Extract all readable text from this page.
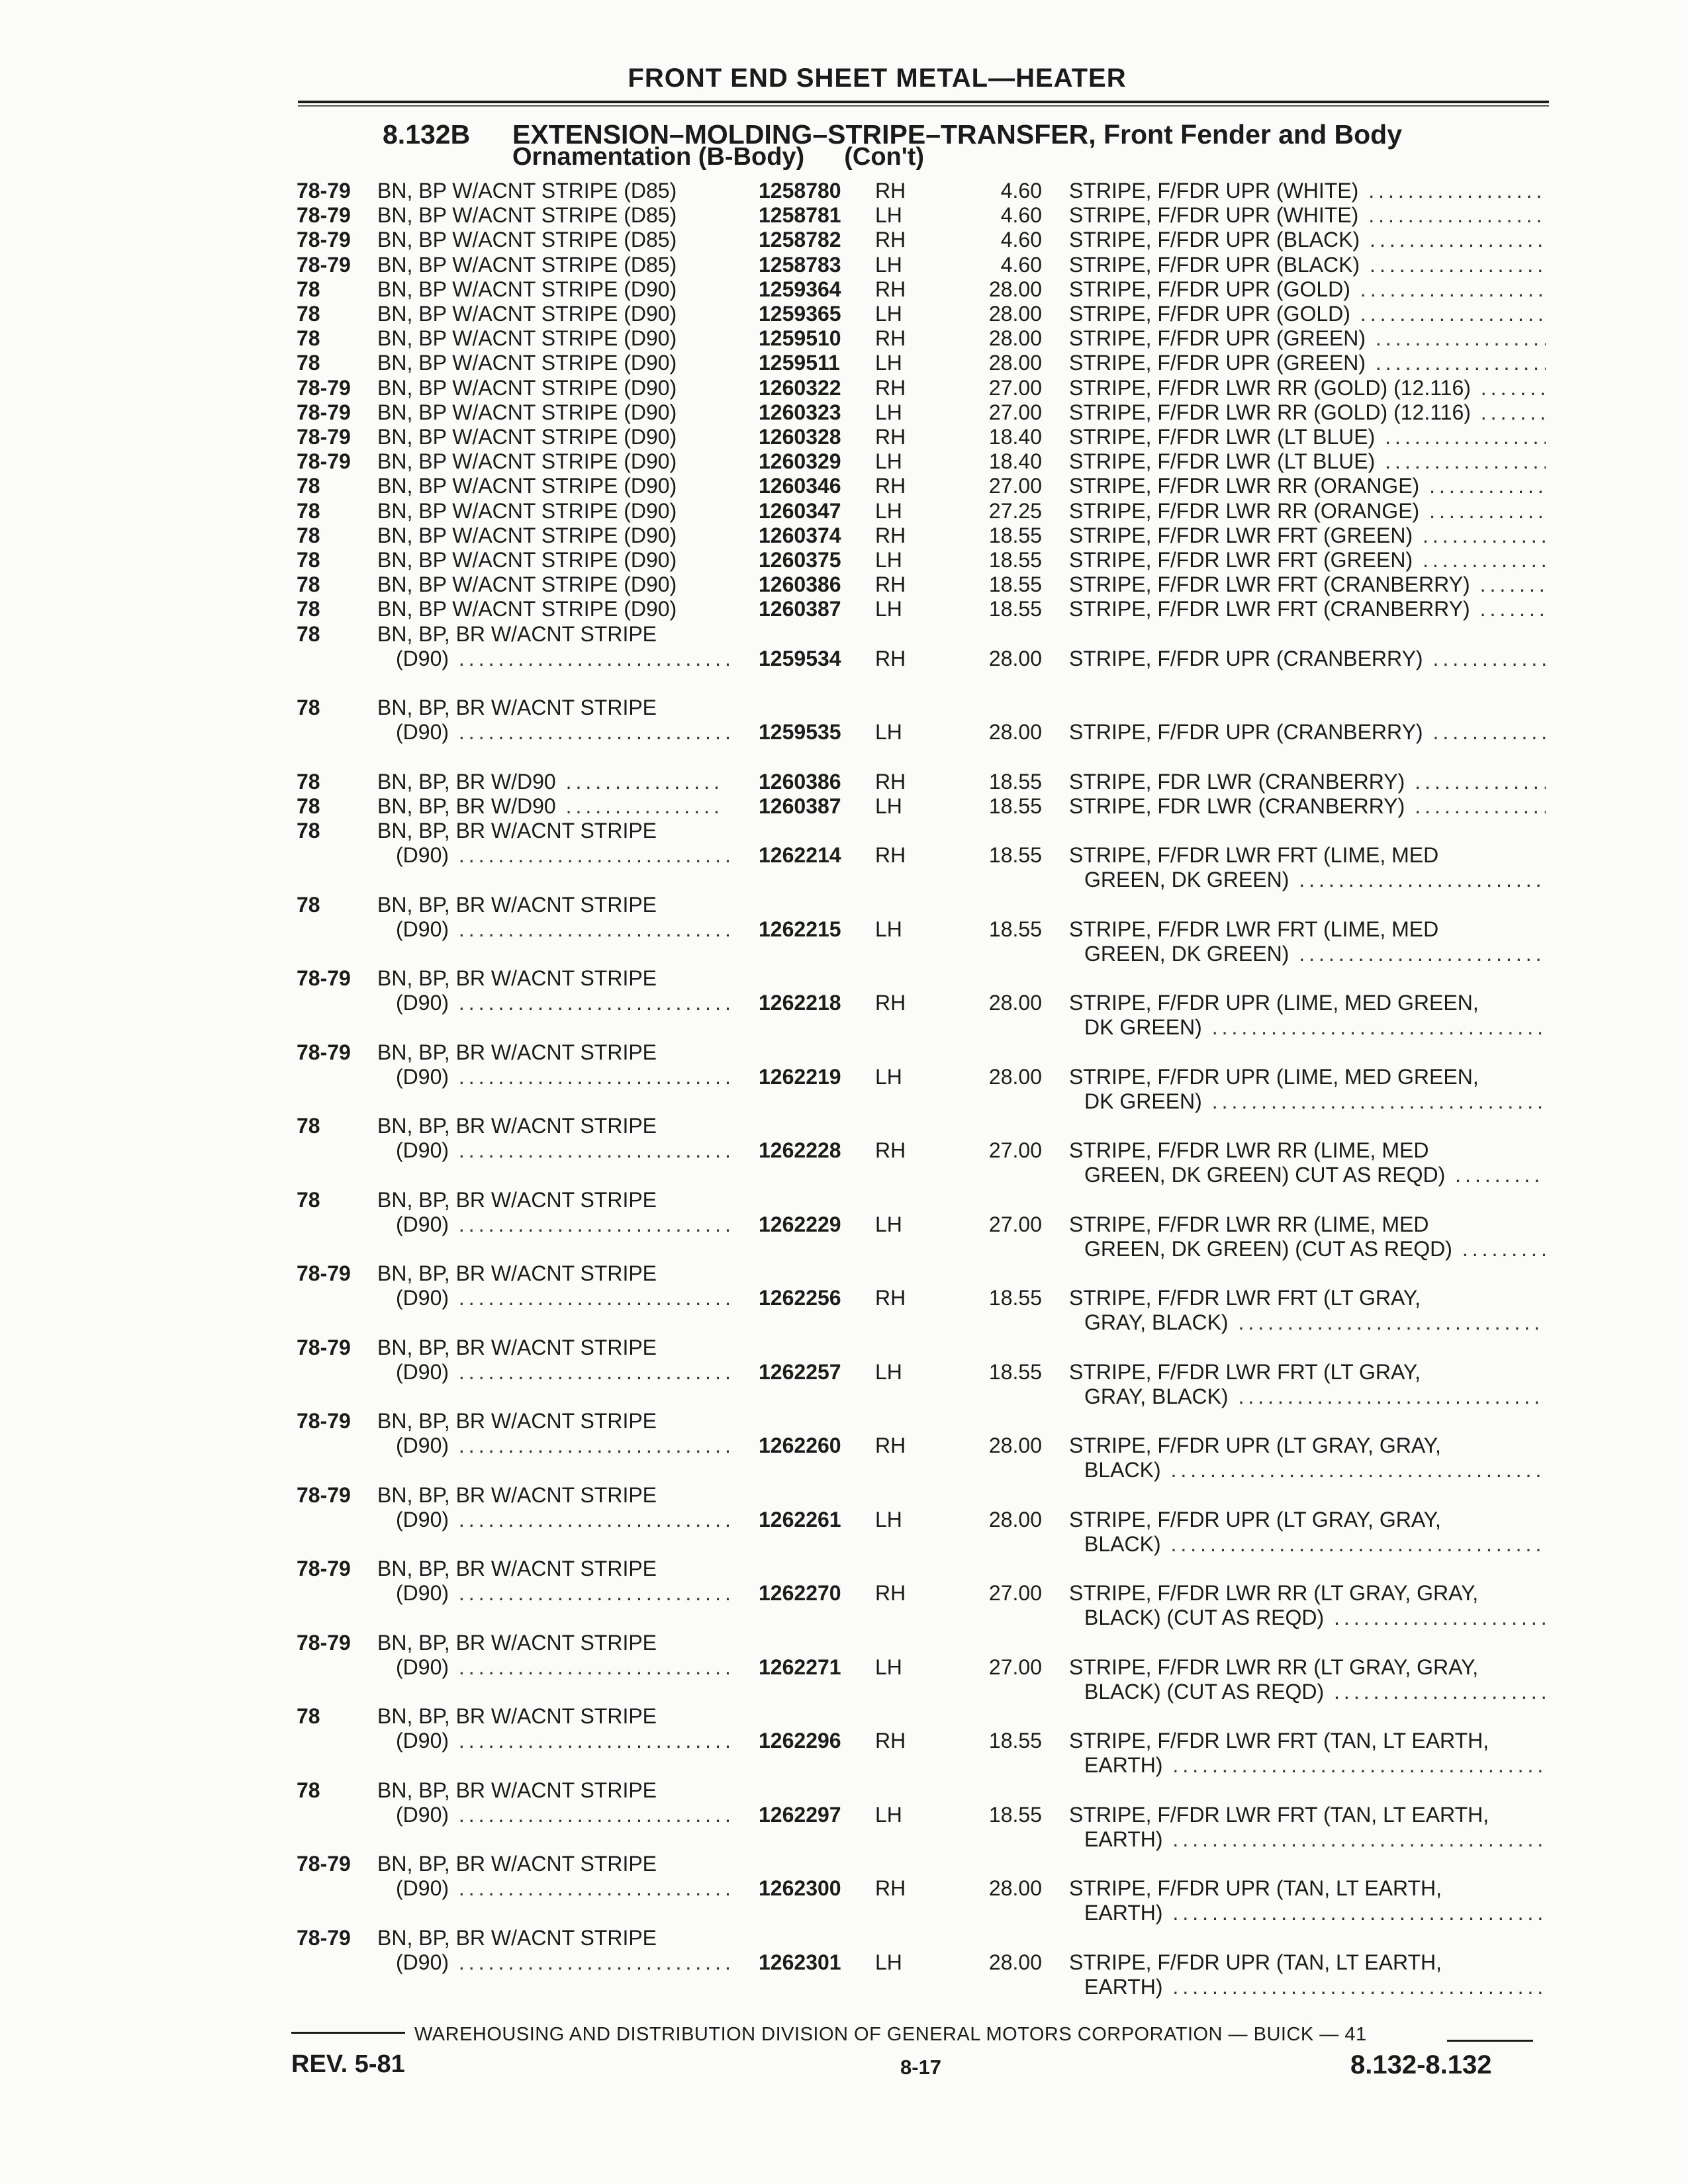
FRONT END SHEET METAL—HEATER
8.132B EXTENSION–MOLDING–STRIPE–TRANSFER, Front Fender and Body
Ornamentation (B-Body) (Con't)
78-79	BN, BP W/ACNT STRIPE (D85)	1258780	RH	4.60 STRIPE, F/FDR UPR (WHITE) .....
78-79	BN, BP W/ACNT STRIPE (D85)	1258781	LH	4.60 STRIPE, F/FDR UPR (WHITE) .....
78-79	BN, BP W/ACNT STRIPE (D85)	1258782	RH	4.60 STRIPE, F/FDR UPR (BLACK) .....
78-79	BN, BP W/ACNT STRIPE (D85)	1258783	LH	4.60 STRIPE, F/FDR UPR (BLACK) .....
78	BN, BP W/ACNT STRIPE (D90)	1259364	RH	28.00 STRIPE, F/FDR UPR (GOLD) .....
78	BN, BP W/ACNT STRIPE (D90)	1259365	LH	28.00 STRIPE, F/FDR UPR (GOLD) .....
78	BN, BP W/ACNT STRIPE (D90)	1259510	RH	28.00 STRIPE, F/FDR UPR (GREEN) .....
78	BN, BP W/ACNT STRIPE (D90)	1259511	LH	28.00 STRIPE, F/FDR UPR (GREEN) .....
78-79	BN, BP W/ACNT STRIPE (D90)	1260322	RH	27.00 STRIPE, F/FDR LWR RR (GOLD) (12.116) .....
78-79	BN, BP W/ACNT STRIPE (D90)	1260323	LH	27.00 STRIPE, F/FDR LWR RR (GOLD) (12.116) .....
78-79	BN, BP W/ACNT STRIPE (D90)	1260328	RH	18.40 STRIPE, F/FDR LWR (LT BLUE) .....
78-79	BN, BP W/ACNT STRIPE (D90)	1260329	LH	18.40 STRIPE, F/FDR LWR (LT BLUE) .....
78	BN, BP W/ACNT STRIPE (D90)	1260346	RH	27.00 STRIPE, F/FDR LWR RR (ORANGE) .....
78	BN, BP W/ACNT STRIPE (D90)	1260347	LH	27.25 STRIPE, F/FDR LWR RR (ORANGE) .....
78	BN, BP W/ACNT STRIPE (D90)	1260374	RH	18.55 STRIPE, F/FDR LWR FRT (GREEN) .....
78	BN, BP W/ACNT STRIPE (D90)	1260375	LH	18.55 STRIPE, F/FDR LWR FRT (GREEN) .....
78	BN, BP W/ACNT STRIPE (D90)	1260386	RH	18.55 STRIPE, F/FDR LWR FRT (CRANBERRY) .....
78	BN, BP W/ACNT STRIPE (D90)	1260387	LH	18.55 STRIPE, F/FDR LWR FRT (CRANBERRY) .....
78	BN, BP, BR W/ACNT STRIPE
(D90) .....	1259534	RH	28.00 STRIPE, F/FDR UPR (CRANBERRY) .....
78	BN, BP, BR W/ACNT STRIPE
(D90) .....	1259535	LH	28.00 STRIPE, F/FDR UPR (CRANBERRY) .....
78	BN, BP, BR W/D90 .....	1260386	RH	18.55 STRIPE, FDR LWR (CRANBERRY) .....
78	BN, BP, BR W/D90 .....	1260387	LH	18.55 STRIPE, FDR LWR (CRANBERRY) .....
78	BN, BP, BR W/ACNT STRIPE
(D90) .....	1262214	RH	18.55 STRIPE, F/FDR LWR FRT (LIME, MED
GREEN, DK GREEN) .....
78	BN, BP, BR W/ACNT STRIPE
(D90) .....	1262215	LH	18.55 STRIPE, F/FDR LWR FRT (LIME, MED
GREEN, DK GREEN) .....
78-79	BN, BP, BR W/ACNT STRIPE
(D90) .....	1262218	RH	28.00 STRIPE, F/FDR UPR (LIME, MED GREEN,
DK GREEN) .....
78-79	BN, BP, BR W/ACNT STRIPE
(D90) .....	1262219	LH	28.00 STRIPE, F/FDR UPR (LIME, MED GREEN,
DK GREEN) .....
78	BN, BP, BR W/ACNT STRIPE
(D90) .....	1262228	RH	27.00 STRIPE, F/FDR LWR RR (LIME, MED
GREEN, DK GREEN) CUT AS REQD) .....
78	BN, BP, BR W/ACNT STRIPE
(D90) .....	1262229	LH	27.00 STRIPE, F/FDR LWR RR (LIME, MED
GREEN, DK GREEN) (CUT AS REQD) .....
78-79	BN, BP, BR W/ACNT STRIPE
(D90) .....	1262256	RH	18.55 STRIPE, F/FDR LWR FRT (LT GRAY,
GRAY, BLACK) .....
78-79	BN, BP, BR W/ACNT STRIPE
(D90) .....	1262257	LH	18.55 STRIPE, F/FDR LWR FRT (LT GRAY,
GRAY, BLACK) .....
78-79	BN, BP, BR W/ACNT STRIPE
(D90) .....	1262260	RH	28.00 STRIPE, F/FDR UPR (LT GRAY, GRAY,
BLACK) .....
78-79	BN, BP, BR W/ACNT STRIPE
(D90) .....	1262261	LH	28.00 STRIPE, F/FDR UPR (LT GRAY, GRAY,
BLACK) .....
78-79	BN, BP, BR W/ACNT STRIPE
(D90) .....	1262270	RH	27.00 STRIPE, F/FDR LWR RR (LT GRAY, GRAY,
BLACK) (CUT AS REQD) .....
78-79	BN, BP, BR W/ACNT STRIPE
(D90) .....	1262271	LH	27.00 STRIPE, F/FDR LWR RR (LT GRAY, GRAY,
BLACK) (CUT AS REQD) .....
78	BN, BP, BR W/ACNT STRIPE
(D90) .....	1262296	RH	18.55 STRIPE, F/FDR LWR FRT (TAN, LT EARTH,
EARTH) .....
78	BN, BP, BR W/ACNT STRIPE
(D90) .....	1262297	LH	18.55 STRIPE, F/FDR LWR FRT (TAN, LT EARTH,
EARTH) .....
78-79	BN, BP, BR W/ACNT STRIPE
(D90) .....	1262300	RH	28.00 STRIPE, F/FDR UPR (TAN, LT EARTH,
EARTH) .....
78-79	BN, BP, BR W/ACNT STRIPE
(D90) .....	1262301	LH	28.00 STRIPE, F/FDR UPR (TAN, LT EARTH,
EARTH) .....
WAREHOUSING AND DISTRIBUTION DIVISION OF GENERAL MOTORS CORPORATION — BUICK — 41
REV. 5-81	8-17	8.132-8.132
